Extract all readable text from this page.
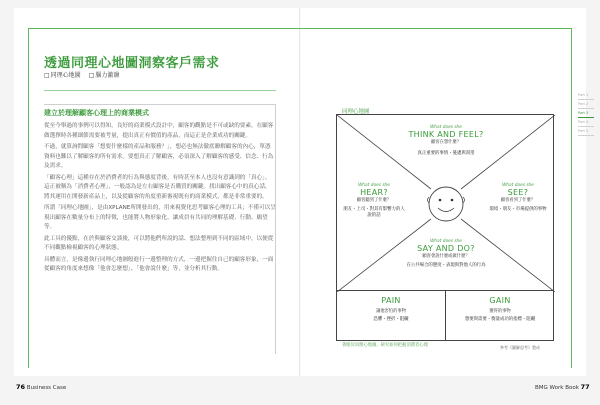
透過同理心地圖洞察客戶需求
□ 同理心地圖
□	腦力激盪
建立於理解顧客心理上的商業模式

從至今舉過的事例可以得知，良好的商業模式設計中，顧客的觀點是不可或缺的要素。在顧客做選擇時各種細節需要被考量，提出真正有價值的產品，而這正是企業成功的關鍵。

不過，就算詢問顧客「想要什麼樣的產品和服務？」，想必也無法徹底瞭解顧客的內心，單憑資料也難以了解顧客的所有需求。要想真正了解顧客，必須深入了解顧客的感受、信念、行為及需求。

「顧客心理」這種存在於消費者的行為與態度背後，有時甚至本人也沒有意識到的「真心」，這正被稱為「消費者心理」，一般認為是左右顧客是否購買的關鍵。找出顧客心中的真心話，將其運用在開發新產品上，以及從顧客的角度重新審視既有的商業模式，都是非常重要的。

所謂「同理心地圖」，是由XPLANE所開發出的，用來視覺化思考顧客心理的工具；不僅可以呈現出顧客在數量分布上的特徵，也能將人物形象化，讓成員有共同的理解基礎、行動、願望等。

此工具的優點，在於與顧客交談後，可以將他們所說的話、想法整理到不同的區域中，以便從不同觀點檢視顧客的心理狀態。

具體而言，是像邊執行同理心地圖般進行一邊整理的方式，一邊把握住自己的顧客形象，一面從顧客的角度來想像「他會怎麼想」、「他會說什麼」等，並分析其行動。

同理心地圖
What does she
THINK AND FEEL?
顧客在想什麼？
真正重要的事情・憂慮與渴望
What does she
HEAR?
顧客聽到了什麼？
朋友・上司・對其有影響力的人
說的話
What does she
SEE?
顧客看到了什麼？
環境・朋友・市場提供的事物
What does she
SAY AND DO?
顧客會說什麼或做什麼？
在公共場合的態度・表現與對他人的行為
PAIN
讓他害怕的事物
恐懼・挫折・阻礙
GAIN
獲得的事物
想要與需要・衡量成功的指標・阻礙
著眼於同理心地圖，研究如何把握消費者心理	參考《圖解思考》製成
Part 1
Part 2
Part 3
Part 4
Part 5
76 Business Case	BMG Work Book 77
